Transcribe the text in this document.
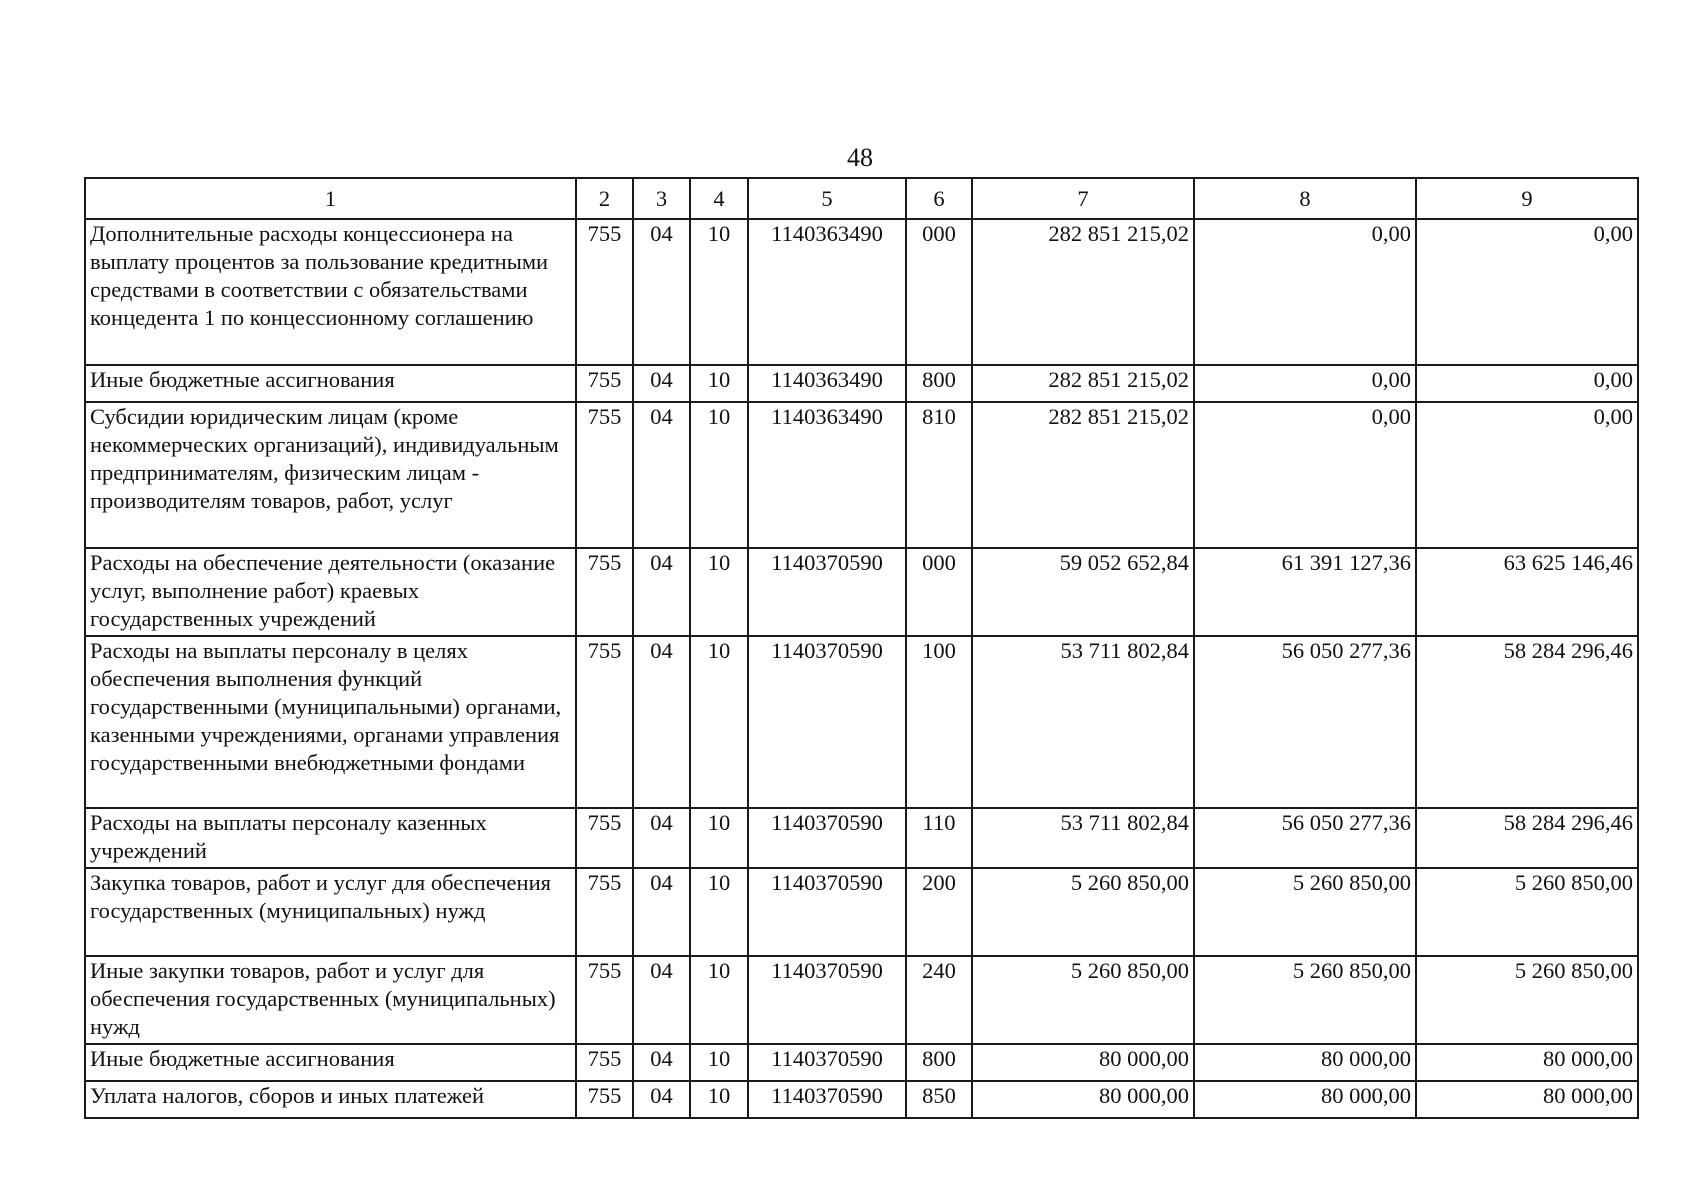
48
1	2	3	4	5	6	7	8	9
Дополнительные расходы концессионера на выплату процентов за пользование кредитными средствами в соответствии с обязательствами концедента 1 по концессионному соглашению	755	04	10	1140363490	000	282 851 215,02	0,00	0,00
Иные бюджетные ассигнования	755	04	10	1140363490	800	282 851 215,02	0,00	0,00
Субсидии юридическим лицам (кроме некоммерческих организаций), индивидуальным предпринимателям, физическим лицам - производителям товаров, работ, услуг	755	04	10	1140363490	810	282 851 215,02	0,00	0,00
Расходы на обеспечение деятельности (оказание услуг, выполнение работ) краевых государственных учреждений	755	04	10	1140370590	000	59 052 652,84	61 391 127,36	63 625 146,46
Расходы на выплаты персоналу в целях обеспечения выполнения функций государственными (муниципальными) органами, казенными учреждениями, органами управления государственными внебюджетными фондами	755	04	10	1140370590	100	53 711 802,84	56 050 277,36	58 284 296,46
Расходы на выплаты персоналу казенных учреждений	755	04	10	1140370590	110	53 711 802,84	56 050 277,36	58 284 296,46
Закупка товаров, работ и услуг для обеспечения государственных (муниципальных) нужд	755	04	10	1140370590	200	5 260 850,00	5 260 850,00	5 260 850,00
Иные закупки товаров, работ и услуг для обеспечения государственных (муниципальных) нужд	755	04	10	1140370590	240	5 260 850,00	5 260 850,00	5 260 850,00
Иные бюджетные ассигнования	755	04	10	1140370590	800	80 000,00	80 000,00	80 000,00
Уплата налогов, сборов и иных платежей	755	04	10	1140370590	850	80 000,00	80 000,00	80 000,00
